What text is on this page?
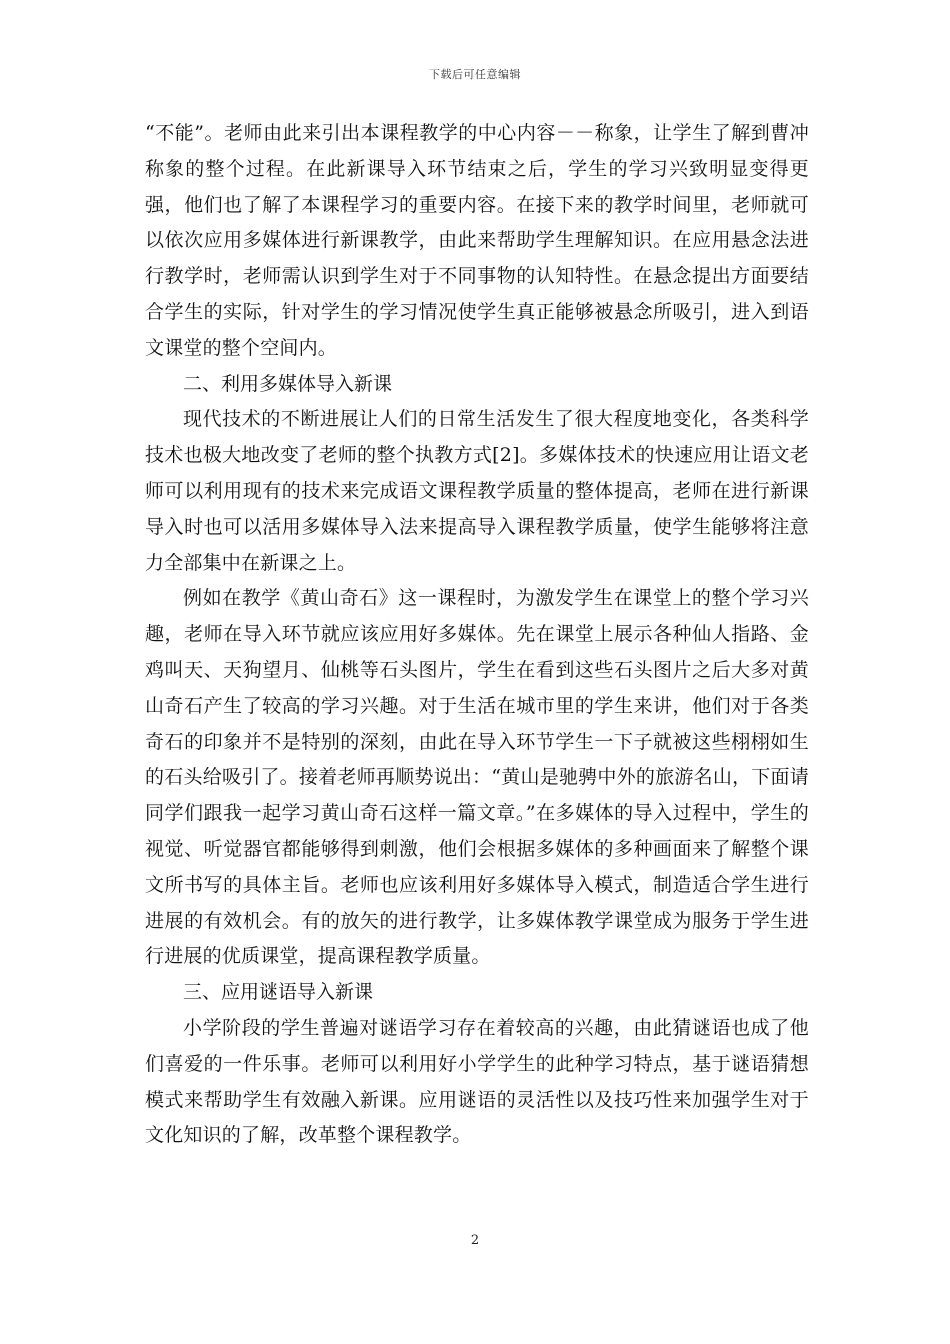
下载后可任意编辑

“不能”。老师由此来引出本课程教学的中心内容－－称象，让学生了解到曹冲称象的整个过程。在此新课导入环节结束之后，学生的学习兴致明显变得更强，他们也了解了本课程学习的重要内容。在接下来的教学时间里，老师就可以依次应用多媒体进行新课教学，由此来帮助学生理解知识。在应用悬念法进行教学时，老师需认识到学生对于不同事物的认知特性。在悬念提出方面要结合学生的实际，针对学生的学习情况使学生真正能够被悬念所吸引，进入到语文课堂的整个空间内。

二、利用多媒体导入新课

现代技术的不断进展让人们的日常生活发生了很大程度地变化，各类科学技术也极大地改变了老师的整个执教方式[2]。多媒体技术的快速应用让语文老师可以利用现有的技术来完成语文课程教学质量的整体提高，老师在进行新课导入时也可以活用多媒体导入法来提高导入课程教学质量，使学生能够将注意力全部集中在新课之上。

例如在教学《黄山奇石》这一课程时，为激发学生在课堂上的整个学习兴趣，老师在导入环节就应该应用好多媒体。先在课堂上展示各种仙人指路、金鸡叫天、天狗望月、仙桃等石头图片，学生在看到这些石头图片之后大多对黄山奇石产生了较高的学习兴趣。对于生活在城市里的学生来讲，他们对于各类奇石的印象并不是特别的深刻，由此在导入环节学生一下子就被这些栩栩如生的石头给吸引了。接着老师再顺势说出：“黄山是驰骋中外的旅游名山，下面请同学们跟我一起学习黄山奇石这样一篇文章。”在多媒体的导入过程中，学生的视觉、听觉器官都能够得到刺激，他们会根据多媒体的多种画面来了解整个课文所书写的具体主旨。老师也应该利用好多媒体导入模式，制造适合学生进行进展的有效机会。有的放矢的进行教学，让多媒体教学课堂成为服务于学生进行进展的优质课堂，提高课程教学质量。

三、应用谜语导入新课

小学阶段的学生普遍对谜语学习存在着较高的兴趣，由此猜谜语也成了他们喜爱的一件乐事。老师可以利用好小学学生的此种学习特点，基于谜语猜想模式来帮助学生有效融入新课。应用谜语的灵活性以及技巧性来加强学生对于文化知识的了解，改革整个课程教学。

2
